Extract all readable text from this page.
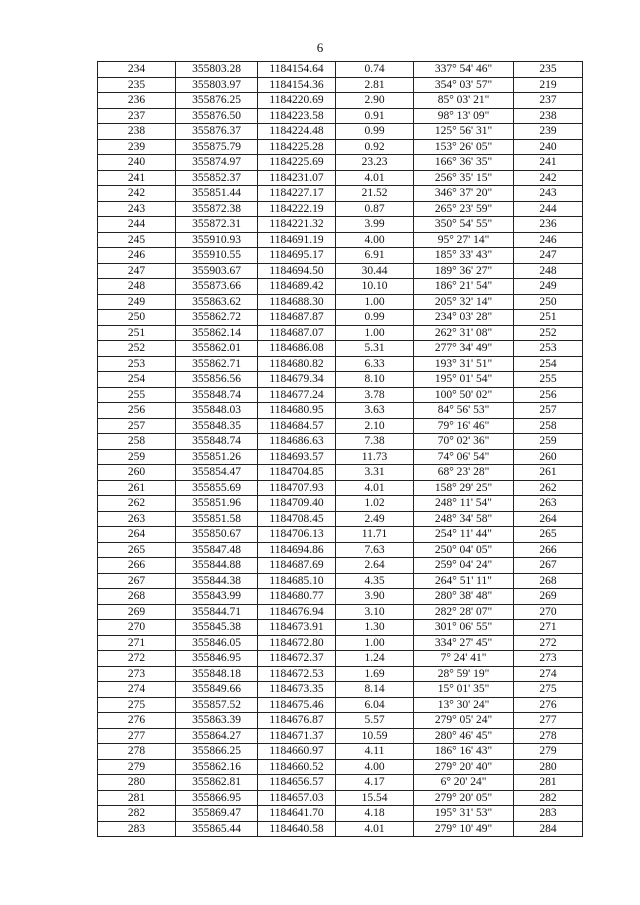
6
234	355803.28	1184154.64	0.74	337° 54' 46"	235
235	355803.97	1184154.36	2.81	354° 03' 57"	219
236	355876.25	1184220.69	2.90	85° 03' 21"	237
237	355876.50	1184223.58	0.91	98° 13' 09"	238
238	355876.37	1184224.48	0.99	125° 56' 31"	239
239	355875.79	1184225.28	0.92	153° 26' 05"	240
240	355874.97	1184225.69	23.23	166° 36' 35"	241
241	355852.37	1184231.07	4.01	256° 35' 15"	242
242	355851.44	1184227.17	21.52	346° 37' 20"	243
243	355872.38	1184222.19	0.87	265° 23' 59"	244
244	355872.31	1184221.32	3.99	350° 54' 55"	236
245	355910.93	1184691.19	4.00	95° 27' 14"	246
246	355910.55	1184695.17	6.91	185° 33' 43"	247
247	355903.67	1184694.50	30.44	189° 36' 27"	248
248	355873.66	1184689.42	10.10	186° 21' 54"	249
249	355863.62	1184688.30	1.00	205° 32' 14"	250
250	355862.72	1184687.87	0.99	234° 03' 28"	251
251	355862.14	1184687.07	1.00	262° 31' 08"	252
252	355862.01	1184686.08	5.31	277° 34' 49"	253
253	355862.71	1184680.82	6.33	193° 31' 51"	254
254	355856.56	1184679.34	8.10	195° 01' 54"	255
255	355848.74	1184677.24	3.78	100° 50' 02"	256
256	355848.03	1184680.95	3.63	84° 56' 53"	257
257	355848.35	1184684.57	2.10	79° 16' 46"	258
258	355848.74	1184686.63	7.38	70° 02' 36"	259
259	355851.26	1184693.57	11.73	74° 06' 54"	260
260	355854.47	1184704.85	3.31	68° 23' 28"	261
261	355855.69	1184707.93	4.01	158° 29' 25"	262
262	355851.96	1184709.40	1.02	248° 11' 54"	263
263	355851.58	1184708.45	2.49	248° 34' 58"	264
264	355850.67	1184706.13	11.71	254° 11' 44"	265
265	355847.48	1184694.86	7.63	250° 04' 05"	266
266	355844.88	1184687.69	2.64	259° 04' 24"	267
267	355844.38	1184685.10	4.35	264° 51' 11"	268
268	355843.99	1184680.77	3.90	280° 38' 48"	269
269	355844.71	1184676.94	3.10	282° 28' 07"	270
270	355845.38	1184673.91	1.30	301° 06' 55"	271
271	355846.05	1184672.80	1.00	334° 27' 45"	272
272	355846.95	1184672.37	1.24	7° 24' 41"	273
273	355848.18	1184672.53	1.69	28° 59' 19"	274
274	355849.66	1184673.35	8.14	15° 01' 35"	275
275	355857.52	1184675.46	6.04	13° 30' 24"	276
276	355863.39	1184676.87	5.57	279° 05' 24"	277
277	355864.27	1184671.37	10.59	280° 46' 45"	278
278	355866.25	1184660.97	4.11	186° 16' 43"	279
279	355862.16	1184660.52	4.00	279° 20' 40"	280
280	355862.81	1184656.57	4.17	6° 20' 24"	281
281	355866.95	1184657.03	15.54	279° 20' 05"	282
282	355869.47	1184641.70	4.18	195° 31' 53"	283
283	355865.44	1184640.58	4.01	279° 10' 49"	284
